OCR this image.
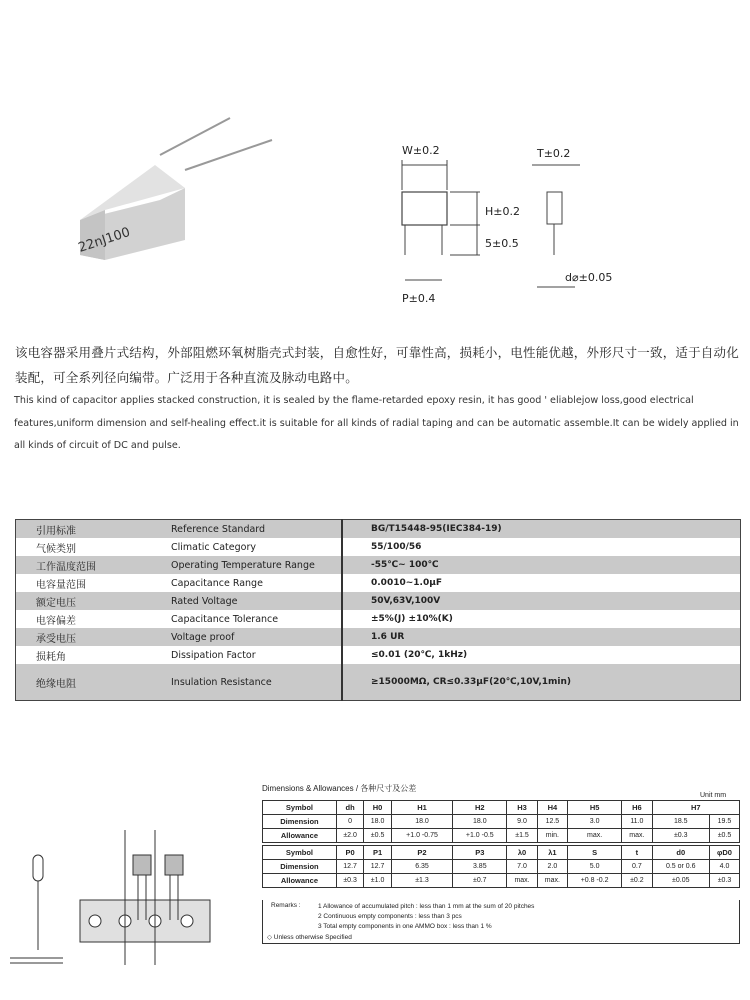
22nJ100
W±0.2	T±0.2
H±0.2
5±0.5
d⌀±0.05
P±0.4
该电容器采用叠片式结构，外部阻燃环氧树脂壳式封装，自愈性好，可靠性高，损耗小，电性能优越，外形尺寸一致，适于自动化装配，可全系列径向编带。广泛用于各种直流及脉动电路中。
This kind of capacitor applies stacked construction, it is sealed by the flame-retarded epoxy resin, it has good ' eliablejow loss,good electrical features,uniform dimension and self-healing effect.it is suitable for all kinds of radial taping and can be automatic assemble.It can be widely applied in all kinds of circuit of DC and pulse.
引用标准	Reference Standard	BG/T15448-95(IEC384-19)
气候类别	Climatic Category	55/100/56
工作温度范围	Operating Temperature Range	-55℃~ 100℃
电容量范围	Capacitance Range	0.0010~1.0μF
额定电压	Rated Voltage	50V,63V,100V
电容偏差	Capacitance Tolerance	±5%(J) ±10%(K)
承受电压	Voltage proof	1.6 UR
损耗角	Dissipation Factor	≤0.01 (20℃, 1kHz)
绝缘电阻	Insulation Resistance	≥15000MΩ, CR≤0.33μF(20℃,10V,1min)
Dimensions & Allowances / 各种尺寸及公差
Unit mm
Symbol	dh	H0	H1	H2	H3	H4	H5	H6	H7	
Dimension	0	18.0	18.0	18.0	9.0	12.5	3.0	11.0	18.5	19.5
Allowance	±2.0	±0.5	+1.0 -0.75	+1.0 -0.5	±1.5	min.	max.	max.	±0.3	±0.5

Symbol	P0	P1	P2	P3	λ0	λ1	S	t	d0	φD0
Dimension	12.7	12.7	6.35	3.85	7.0	2.0	5.0	0.7	0.5 or 0.6	4.0
Allowance	±0.3	±1.0	±1.3	±0.7	max.	max.	+0.8 -0.2	±0.2	±0.05	±0.3
Remarks :	1 Allowance of accumulated pitch : less than 1 mm at the sum of 20 pitches
2 Continuous empty components : less than 3 pcs
3 Total empty components in one AMMO box : less than 1 %
◇ Unless otherwise Specified
